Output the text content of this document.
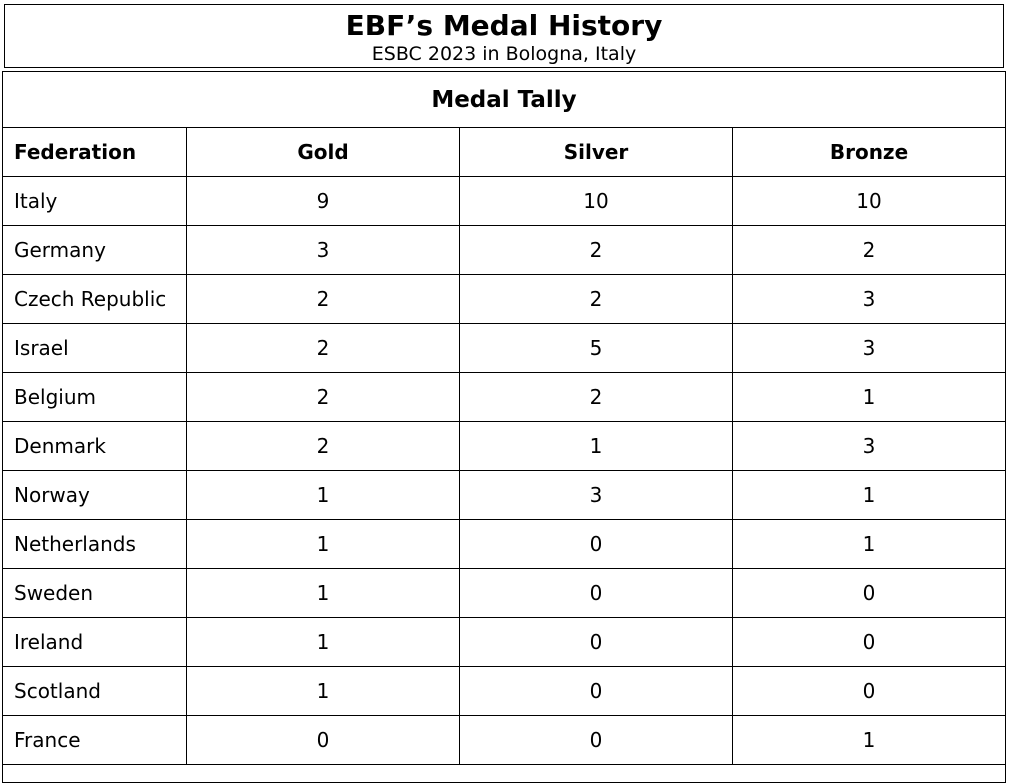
EBF’s Medal History
ESBC 2023 in Bologna, Italy
Medal Tally
Federation	Gold	Silver	Bronze
Italy	9	10	10
Germany	3	2	2
Czech Republic	2	2	3
Israel	2	5	3
Belgium	2	2	1
Denmark	2	1	3
Norway	1	3	1
Netherlands	1	0	1
Sweden	1	0	0
Ireland	1	0	0
Scotland	1	0	0
France	0	0	1
